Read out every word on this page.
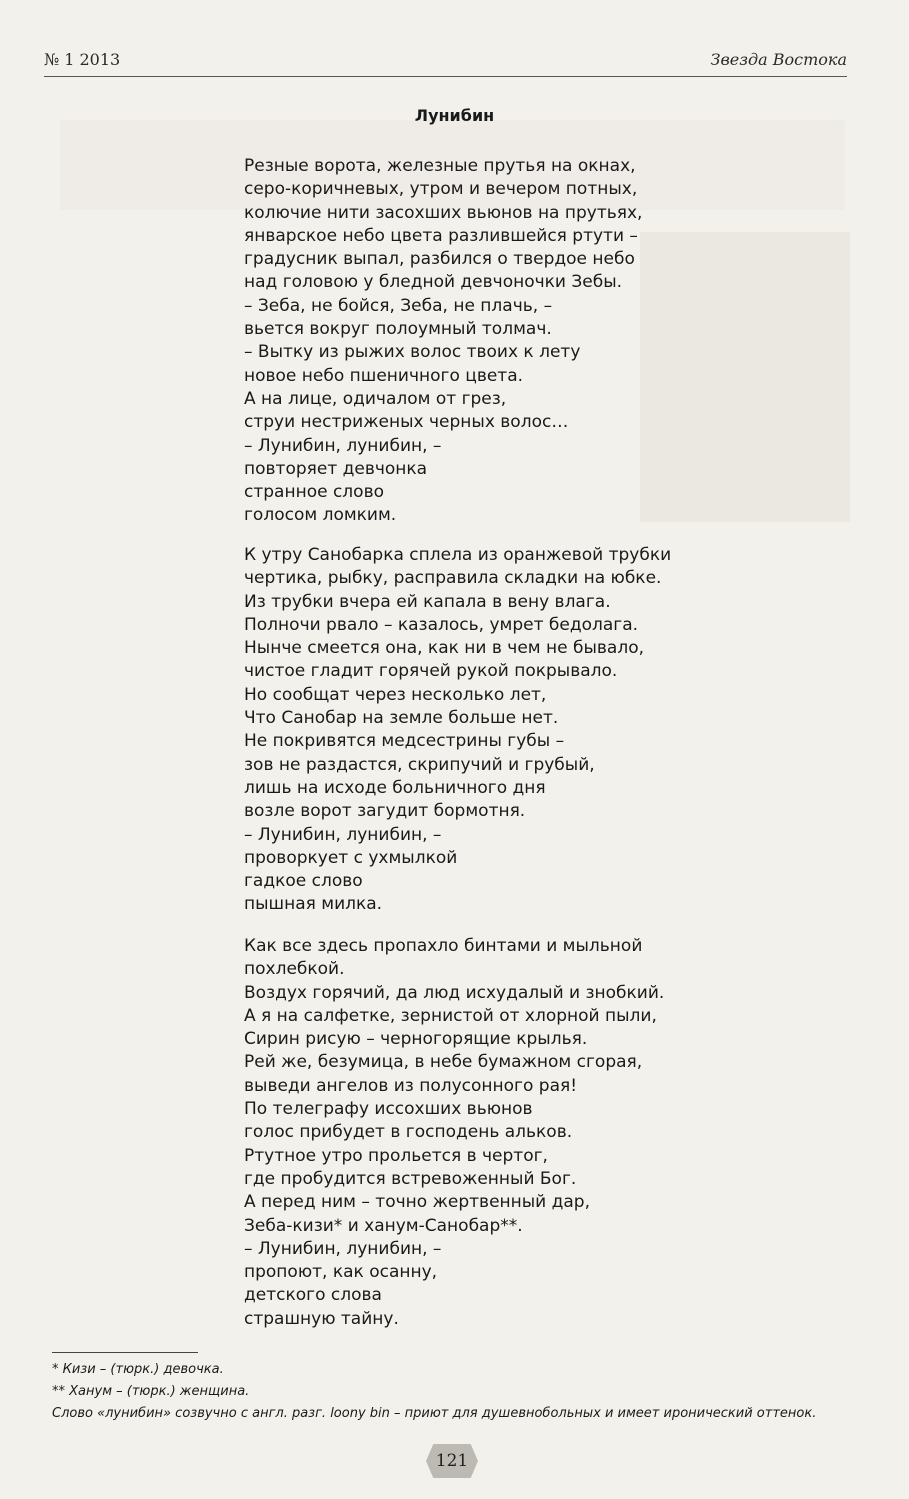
№ 1 2013	Звезда Востока
Лунибин
Резные ворота, железные прутья на окнах,
серо-коричневых, утром и вечером потных,
колючие нити засохших вьюнов на прутьях,
январское небо цвета разлившейся ртути –
градусник выпал, разбился о твердое небо
над головою у бледной девчоночки Зебы.
– Зеба, не бойся, Зеба, не плачь, –
вьется вокруг полоумный толмач.
– Вытку из рыжих волос твоих к лету
новое небо пшеничного цвета.
А на лице, одичалом от грез,
струи нестриженых черных волос…
– Лунибин, лунибин, –
повторяет девчонка
странное слово
голосом ломким.
К утру Санобарка сплела из оранжевой трубки
чертика, рыбку, расправила складки на юбке.
Из трубки вчера ей капала в вену влага.
Полночи рвало – казалось, умрет бедолага.
Нынче смеется она, как ни в чем не бывало,
чистое гладит горячей рукой покрывало.
Но сообщат через несколько лет,
Что Санобар на земле больше нет.
Не покривятся медсестрины губы –
зов не раздастся, скрипучий и грубый,
лишь на исходе больничного дня
возле ворот загудит бормотня.
– Лунибин, лунибин, –
проворкует с ухмылкой
гадкое слово
пышная милка.
Как все здесь пропахло бинтами и мыльной
похлебкой.
Воздух горячий, да люд исхудалый и знобкий.
А я на салфетке, зернистой от хлорной пыли,
Сирин рисую – черногорящие крылья.
Рей же, безумица, в небе бумажном сгорая,
выведи ангелов из полусонного рая!
По телеграфу иссохших вьюнов
голос прибудет в господень альков.
Ртутное утро прольется в чертог,
где пробудится встревоженный Бог.
А перед ним – точно жертвенный дар,
Зеба-кизи* и ханум-Санобар**.
– Лунибин, лунибин, –
пропоют, как осанну,
детского слова
страшную тайну.
* Кизи – (тюрк.) девочка.
** Ханум – (тюрк.) женщина.
Слово «лунибин» созвучно с англ. разг. loony bin – приют для душевнобольных и имеет иронический оттенок.
121
